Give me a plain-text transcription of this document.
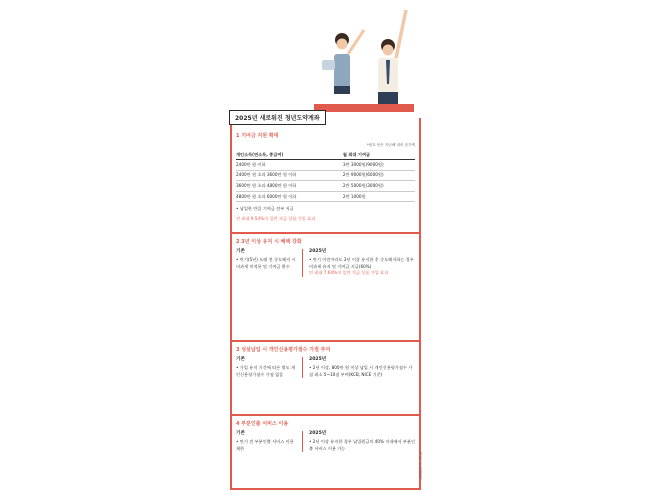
1 기여금 지원 확대
*괄호 안은 지난해 대비 증가액
개인소득(연소득, 종급여)	월 최대 기여금
2400만 원 이하	3만 3000원(9000원)
2400만 원 초과 3600만 원 이하	2만 9000원(6000원)
3600만 원 초과 4800만 원 이하	2만 5000원(3000원)
4800만 원 초과 6000만 원 이하	2만 1000원
• 납입한 만큼 기여금 전부 지급
연 최대 9.54%의 일반 적금 상품 가입 효과
2 3년 이상 유지 시 혜택 강화
기존
• 만기(5년) 도래 전 중도해지 시 비과세 미적용 및 기여금 환수
2025년
• 만기 이전이라도 3년 이상 유지한 후 중도해지하는 경우 비과세 유지 및 기여금 지급(60%)
연 최대 7.64%의 일반 적금 상품 가입 효과
3 성실납입 시 개인신용평가점수 가점 부여
기존
• 가입 유지 기간에 따른 별도 개인신용평가점수 가점 없음
2025년
• 2년 이상, 800만 원 이상 납입 시 개인신용평가점수 가점 최소 5~10점 부여(KCB, NICE 기준)
4 부분인출 서비스 이용
기존
• 만기 전 부분인출 서비스 이용 제한
2025년
• 2년 이상 유지한 경우 납입원금의 40% 이내에서 부분인출 서비스 이용 가능
2025년 새로워진 청년도약계좌
자료: 금융위원회
